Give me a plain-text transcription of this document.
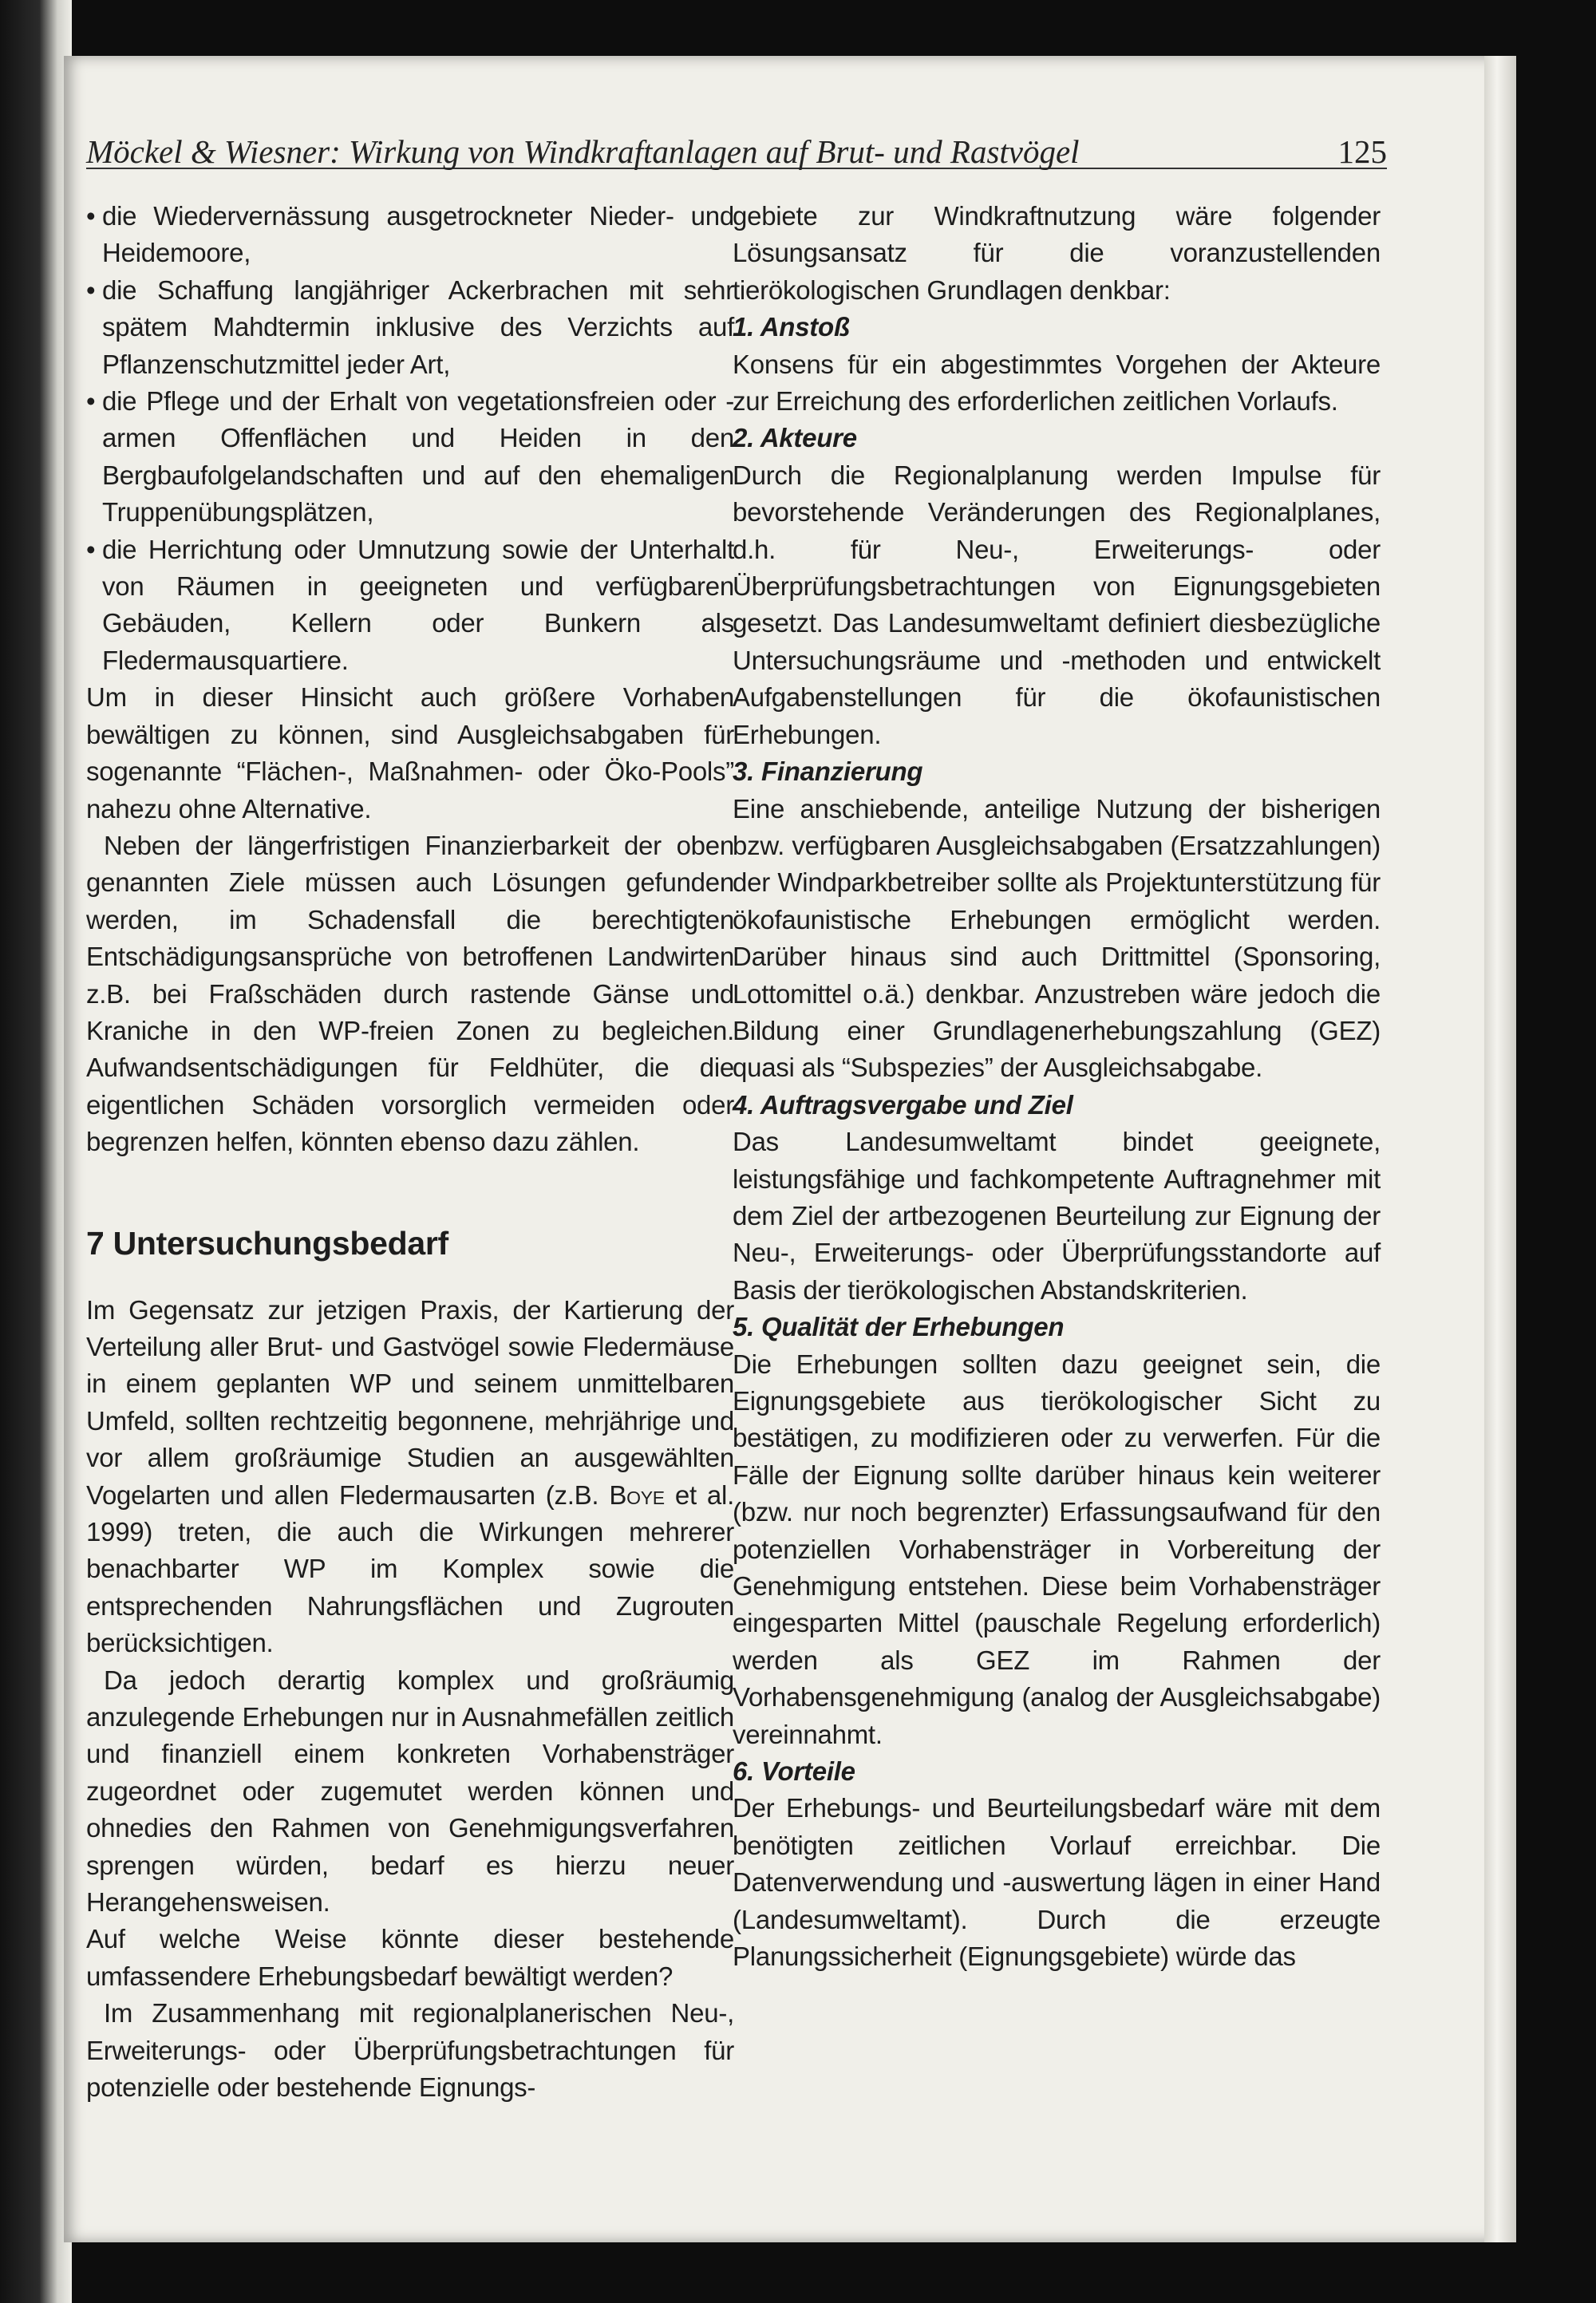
Möckel & Wiesner: Wirkung von Windkraftanlagen auf Brut- und Rastvögel	125

• die Wiedervernässung ausgetrockneter Nieder- und Heidemoore,

• die Schaffung langjähriger Ackerbrachen mit sehr spätem Mahdtermin inklusive des Verzichts auf Pflanzenschutzmittel jeder Art,

• die Pflege und der Erhalt von vegetationsfreien oder -armen Offenflächen und Heiden in den Bergbaufolgelandschaften und auf den ehemaligen Truppenübungsplätzen,

• die Herrichtung oder Umnutzung sowie der Unterhalt von Räumen in geeigneten und verfügbaren Gebäuden, Kellern oder Bunkern als Fledermausquartiere.

Um in dieser Hinsicht auch größere Vorhaben bewältigen zu können, sind Ausgleichsabgaben für sogenannte “Flächen-, Maßnahmen- oder Öko-Pools” nahezu ohne Alternative.

Neben der längerfristigen Finanzierbarkeit der oben genannten Ziele müssen auch Lösungen gefunden werden, im Schadensfall die berechtigten Entschädigungsansprüche von betroffenen Landwirten z.B. bei Fraßschäden durch rastende Gänse und Kraniche in den WP-freien Zonen zu begleichen. Aufwandsentschädigungen für Feldhüter, die die eigentlichen Schäden vorsorglich vermeiden oder begrenzen helfen, könnten ebenso dazu zählen.

7 Untersuchungsbedarf

Im Gegensatz zur jetzigen Praxis, der Kartierung der Verteilung aller Brut- und Gastvögel sowie Fledermäuse in einem geplanten WP und seinem unmittelbaren Umfeld, sollten rechtzeitig begonnene, mehrjährige und vor allem großräumige Studien an ausgewählten Vogelarten und allen Fledermausarten (z.B. Boye et al. 1999) treten, die auch die Wirkungen mehrerer benachbarter WP im Komplex sowie die entsprechenden Nahrungsflächen und Zugrouten berücksichtigen.

Da jedoch derartig komplex und großräumig anzulegende Erhebungen nur in Ausnahmefällen zeitlich und finanziell einem konkreten Vorhabensträger zugeordnet oder zugemutet werden können und ohnedies den Rahmen von Genehmigungsverfahren sprengen würden, bedarf es hierzu neuer Herangehensweisen.

Auf welche Weise könnte dieser bestehende umfassendere Erhebungsbedarf bewältigt werden?

Im Zusammenhang mit regionalplanerischen Neu-, Erweiterungs- oder Überprüfungsbetrachtungen für potenzielle oder bestehende Eignungs-

gebiete zur Windkraftnutzung wäre folgender Lösungsansatz für die voranzustellenden tierökologischen Grundlagen denkbar:

1. Anstoß

Konsens für ein abgestimmtes Vorgehen der Akteure zur Erreichung des erforderlichen zeitlichen Vorlaufs.

2. Akteure

Durch die Regionalplanung werden Impulse für bevorstehende Veränderungen des Regionalplanes, d.h. für Neu-, Erweiterungs- oder Überprüfungsbetrachtungen von Eignungsgebieten gesetzt. Das Landesumweltamt definiert diesbezügliche Untersuchungsräume und -methoden und entwickelt Aufgabenstellungen für die ökofaunistischen Erhebungen.

3. Finanzierung

Eine anschiebende, anteilige Nutzung der bisherigen bzw. verfügbaren Ausgleichsabgaben (Ersatzzahlungen) der Windparkbetreiber sollte als Projektunterstützung für ökofaunistische Erhebungen ermöglicht werden. Darüber hinaus sind auch Drittmittel (Sponsoring, Lottomittel o.ä.) denkbar. Anzustreben wäre jedoch die Bildung einer Grundlagenerhebungszahlung (GEZ) quasi als “Subspezies” der Ausgleichsabgabe.

4. Auftragsvergabe und Ziel

Das Landesumweltamt bindet geeignete, leistungsfähige und fachkompetente Auftragnehmer mit dem Ziel der artbezogenen Beurteilung zur Eignung der Neu-, Erweiterungs- oder Überprüfungsstandorte auf Basis der tierökologischen Abstandskriterien.

5. Qualität der Erhebungen

Die Erhebungen sollten dazu geeignet sein, die Eignungsgebiete aus tierökologischer Sicht zu bestätigen, zu modifizieren oder zu verwerfen. Für die Fälle der Eignung sollte darüber hinaus kein weiterer (bzw. nur noch begrenzter) Erfassungsaufwand für den potenziellen Vorhabensträger in Vorbereitung der Genehmigung entstehen. Diese beim Vorhabensträger eingesparten Mittel (pauschale Regelung erforderlich) werden als GEZ im Rahmen der Vorhabensgenehmigung (analog der Ausgleichsabgabe) vereinnahmt.

6. Vorteile

Der Erhebungs- und Beurteilungsbedarf wäre mit dem benötigten zeitlichen Vorlauf erreichbar. Die Datenverwendung und -auswertung lägen in einer Hand (Landesumweltamt). Durch die erzeugte Planungssicherheit (Eignungsgebiete) würde das
